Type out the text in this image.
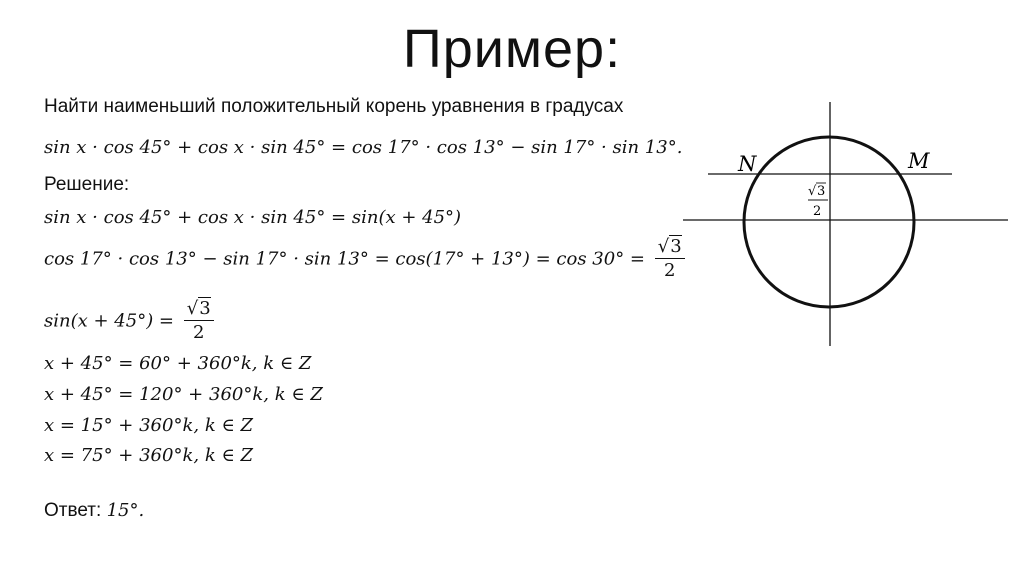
Пример:
Найти наименьший положительный корень уравнения в градусах
sin x · cos 45° + cos x · sin 45° = cos 17° · cos 13° − sin 17° · sin 13°.
Решение:
sin x · cos 45° + cos x · sin 45° = sin(x + 45°)
$\cos 17^\circ \cdot \cos 13^\circ - \sin 17^\circ \cdot \sin 13^\circ = \cos(17^\circ + 13^\circ) = \cos 30^\circ = \frac{√3}{2}$
$\sin(x + 45^\circ) = \frac{√3}{2}$
x + 45° = 60° + 360°k, k ∈ Z
x + 45° = 120° + 360°k, k ∈ Z
x = 15° + 360°k, k ∈ Z
x = 75° + 360°k, k ∈ Z
Ответ: 15°.
N	M
√ 3
2
